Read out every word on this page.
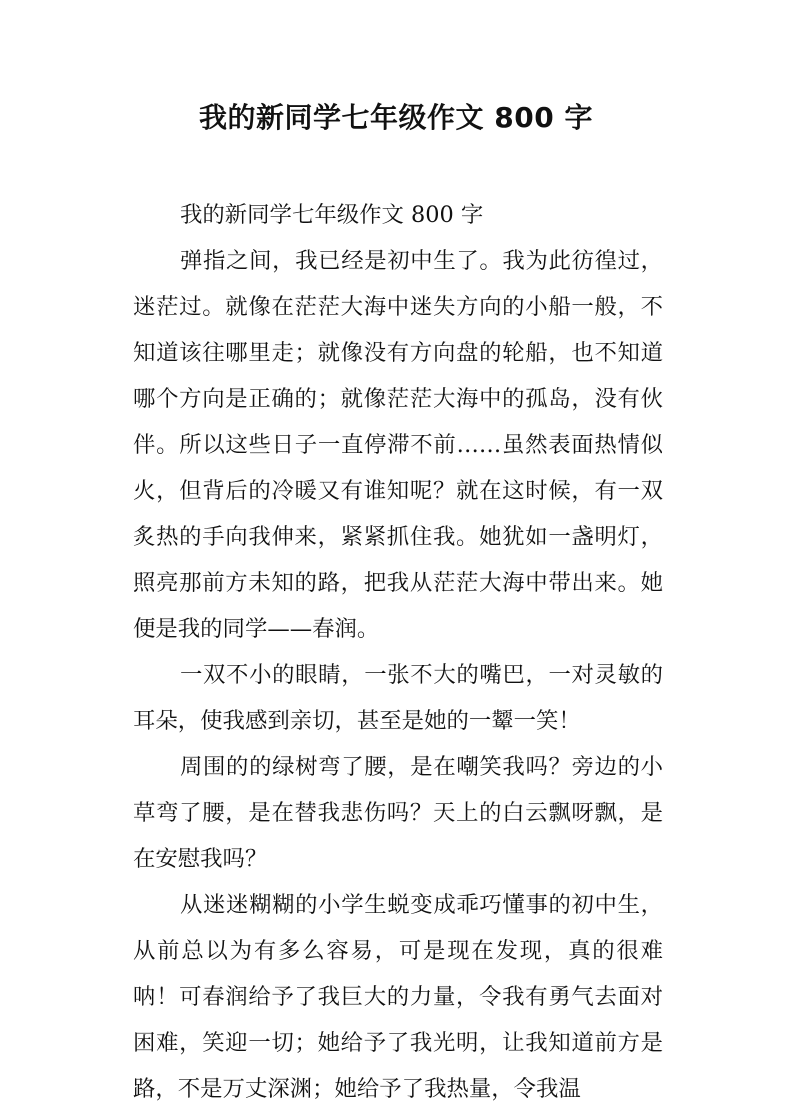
我的新同学七年级作文 800 字

我的新同学七年级作文 800 字

弹指之间，我已经是初中生了。我为此彷徨过，迷茫过。就像在茫茫大海中迷失方向的小船一般，不知道该往哪里走；就像没有方向盘的轮船，也不知道哪个方向是正确的；就像茫茫大海中的孤岛，没有伙伴。所以这些日子一直停滞不前……虽然表面热情似火，但背后的冷暖又有谁知呢？就在这时候，有一双炙热的手向我伸来，紧紧抓住我。她犹如一盏明灯，照亮那前方未知的路，把我从茫茫大海中带出来。她便是我的同学——春润。

一双不小的眼睛，一张不大的嘴巴，一对灵敏的耳朵，使我感到亲切，甚至是她的一颦一笑！

周围的的绿树弯了腰，是在嘲笑我吗？旁边的小草弯了腰，是在替我悲伤吗？天上的白云飘呀飘，是在安慰我吗？

从迷迷糊糊的小学生蜕变成乖巧懂事的初中生，从前总以为有多么容易，可是现在发现，真的很难呐！可春润给予了我巨大的力量，令我有勇气去面对困难，笑迎一切；她给予了我光明，让我知道前方是路，不是万丈深渊；她给予了我热量，令我温
